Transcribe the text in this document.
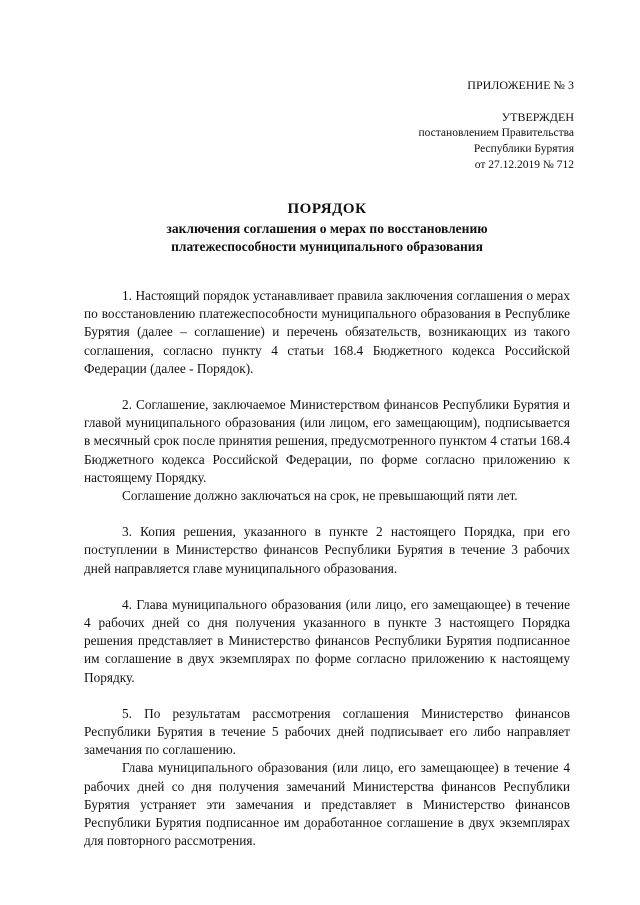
ПРИЛОЖЕНИЕ № 3
УТВЕРЖДЕН
постановлением Правительства
Республики Бурятия
от 27.12.2019 № 712
ПОРЯДОК
заключения соглашения о мерах по восстановлению
платежеспособности муниципального образования

1. Настоящий порядок устанавливает правила заключения соглашения о мерах по восстановлению платежеспособности муниципального образования в Республике Бурятия (далее – соглашение) и перечень обязательств, возникающих из такого соглашения, согласно пункту 4 статьи 168.4 Бюджетного кодекса Российской Федерации (далее - Порядок).

2. Соглашение, заключаемое Министерством финансов Республики Бурятия и главой муниципального образования (или лицом, его замещающим), подписывается в месячный срок после принятия решения, предусмотренного пунктом 4 статьи 168.4 Бюджетного кодекса Российской Федерации, по форме согласно приложению к настоящему Порядку.

Соглашение должно заключаться на срок, не превышающий пяти лет.

3. Копия решения, указанного в пункте 2 настоящего Порядка, при его поступлении в Министерство финансов Республики Бурятия в течение 3 рабочих дней направляется главе муниципального образования.

4. Глава муниципального образования (или лицо, его замещающее) в течение 4 рабочих дней со дня получения указанного в пункте 3 настоящего Порядка решения представляет в Министерство финансов Республики Бурятия подписанное им соглашение в двух экземплярах по форме согласно приложению к настоящему Порядку.

5. По результатам рассмотрения соглашения Министерство финансов Республики Бурятия в течение 5 рабочих дней подписывает его либо направляет замечания по соглашению.

Глава муниципального образования (или лицо, его замещающее) в течение 4 рабочих дней со дня получения замечаний Министерства финансов Республики Бурятия устраняет эти замечания и представляет в Министерство финансов Республики Бурятия подписанное им доработанное соглашение в двух экземплярах для повторного рассмотрения.
